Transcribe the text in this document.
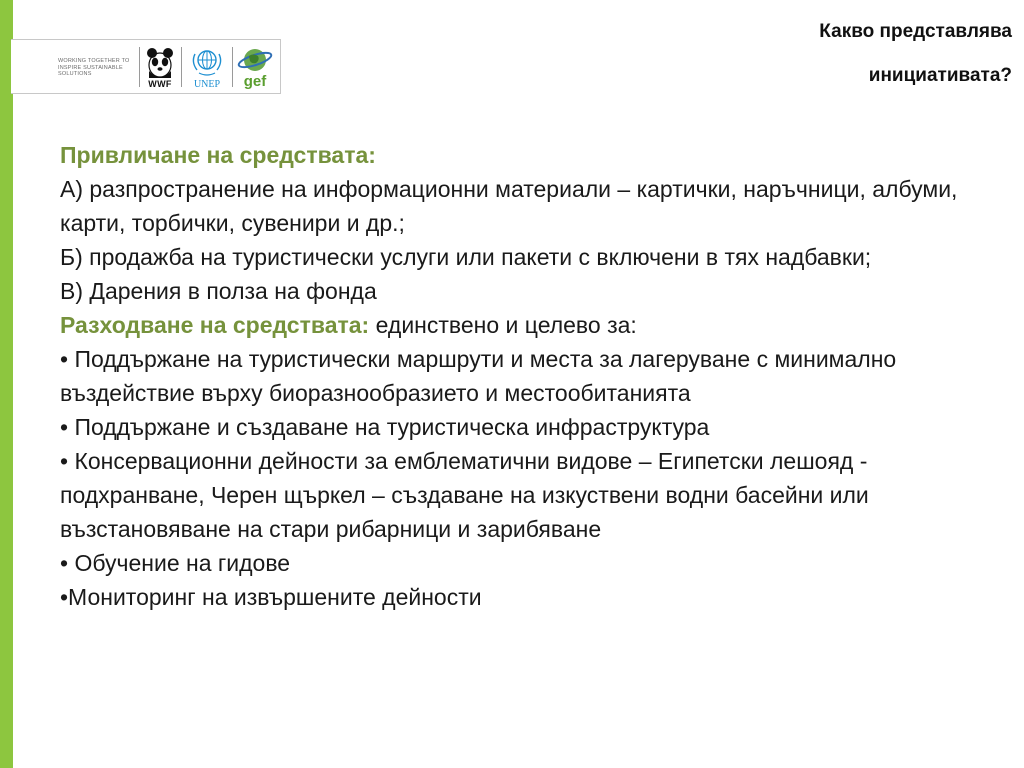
WORKING TOGETHER TO
INSPIRE SUSTAINABLE
SOLUTIONS
WWF	UNEP	gef
Какво представлява
инициативата?

Привличане на средствата:

А) разпространение на информационни материали – картички, наръчници, албуми, карти, торбички, сувенири и др.;

Б) продажба на туристически услуги или пакети с включени в тях надбавки;

В) Дарения в полза на фонда

Разходване на средствата: единствено и целево за:

• Поддържане на туристически маршрути и места за лагеруване с минимално въздействие върху биоразнообразието и местообитанията

• Поддържане и създаване на туристическа инфраструктура

• Консервационни дейности за емблематични видове – Египетски лешояд - подхранване, Черен щъркел – създаване на изкуствени водни басейни или възстановяване на стари рибарници и зарибяване

• Обучение на гидове

•Мониторинг на извършените дейности
